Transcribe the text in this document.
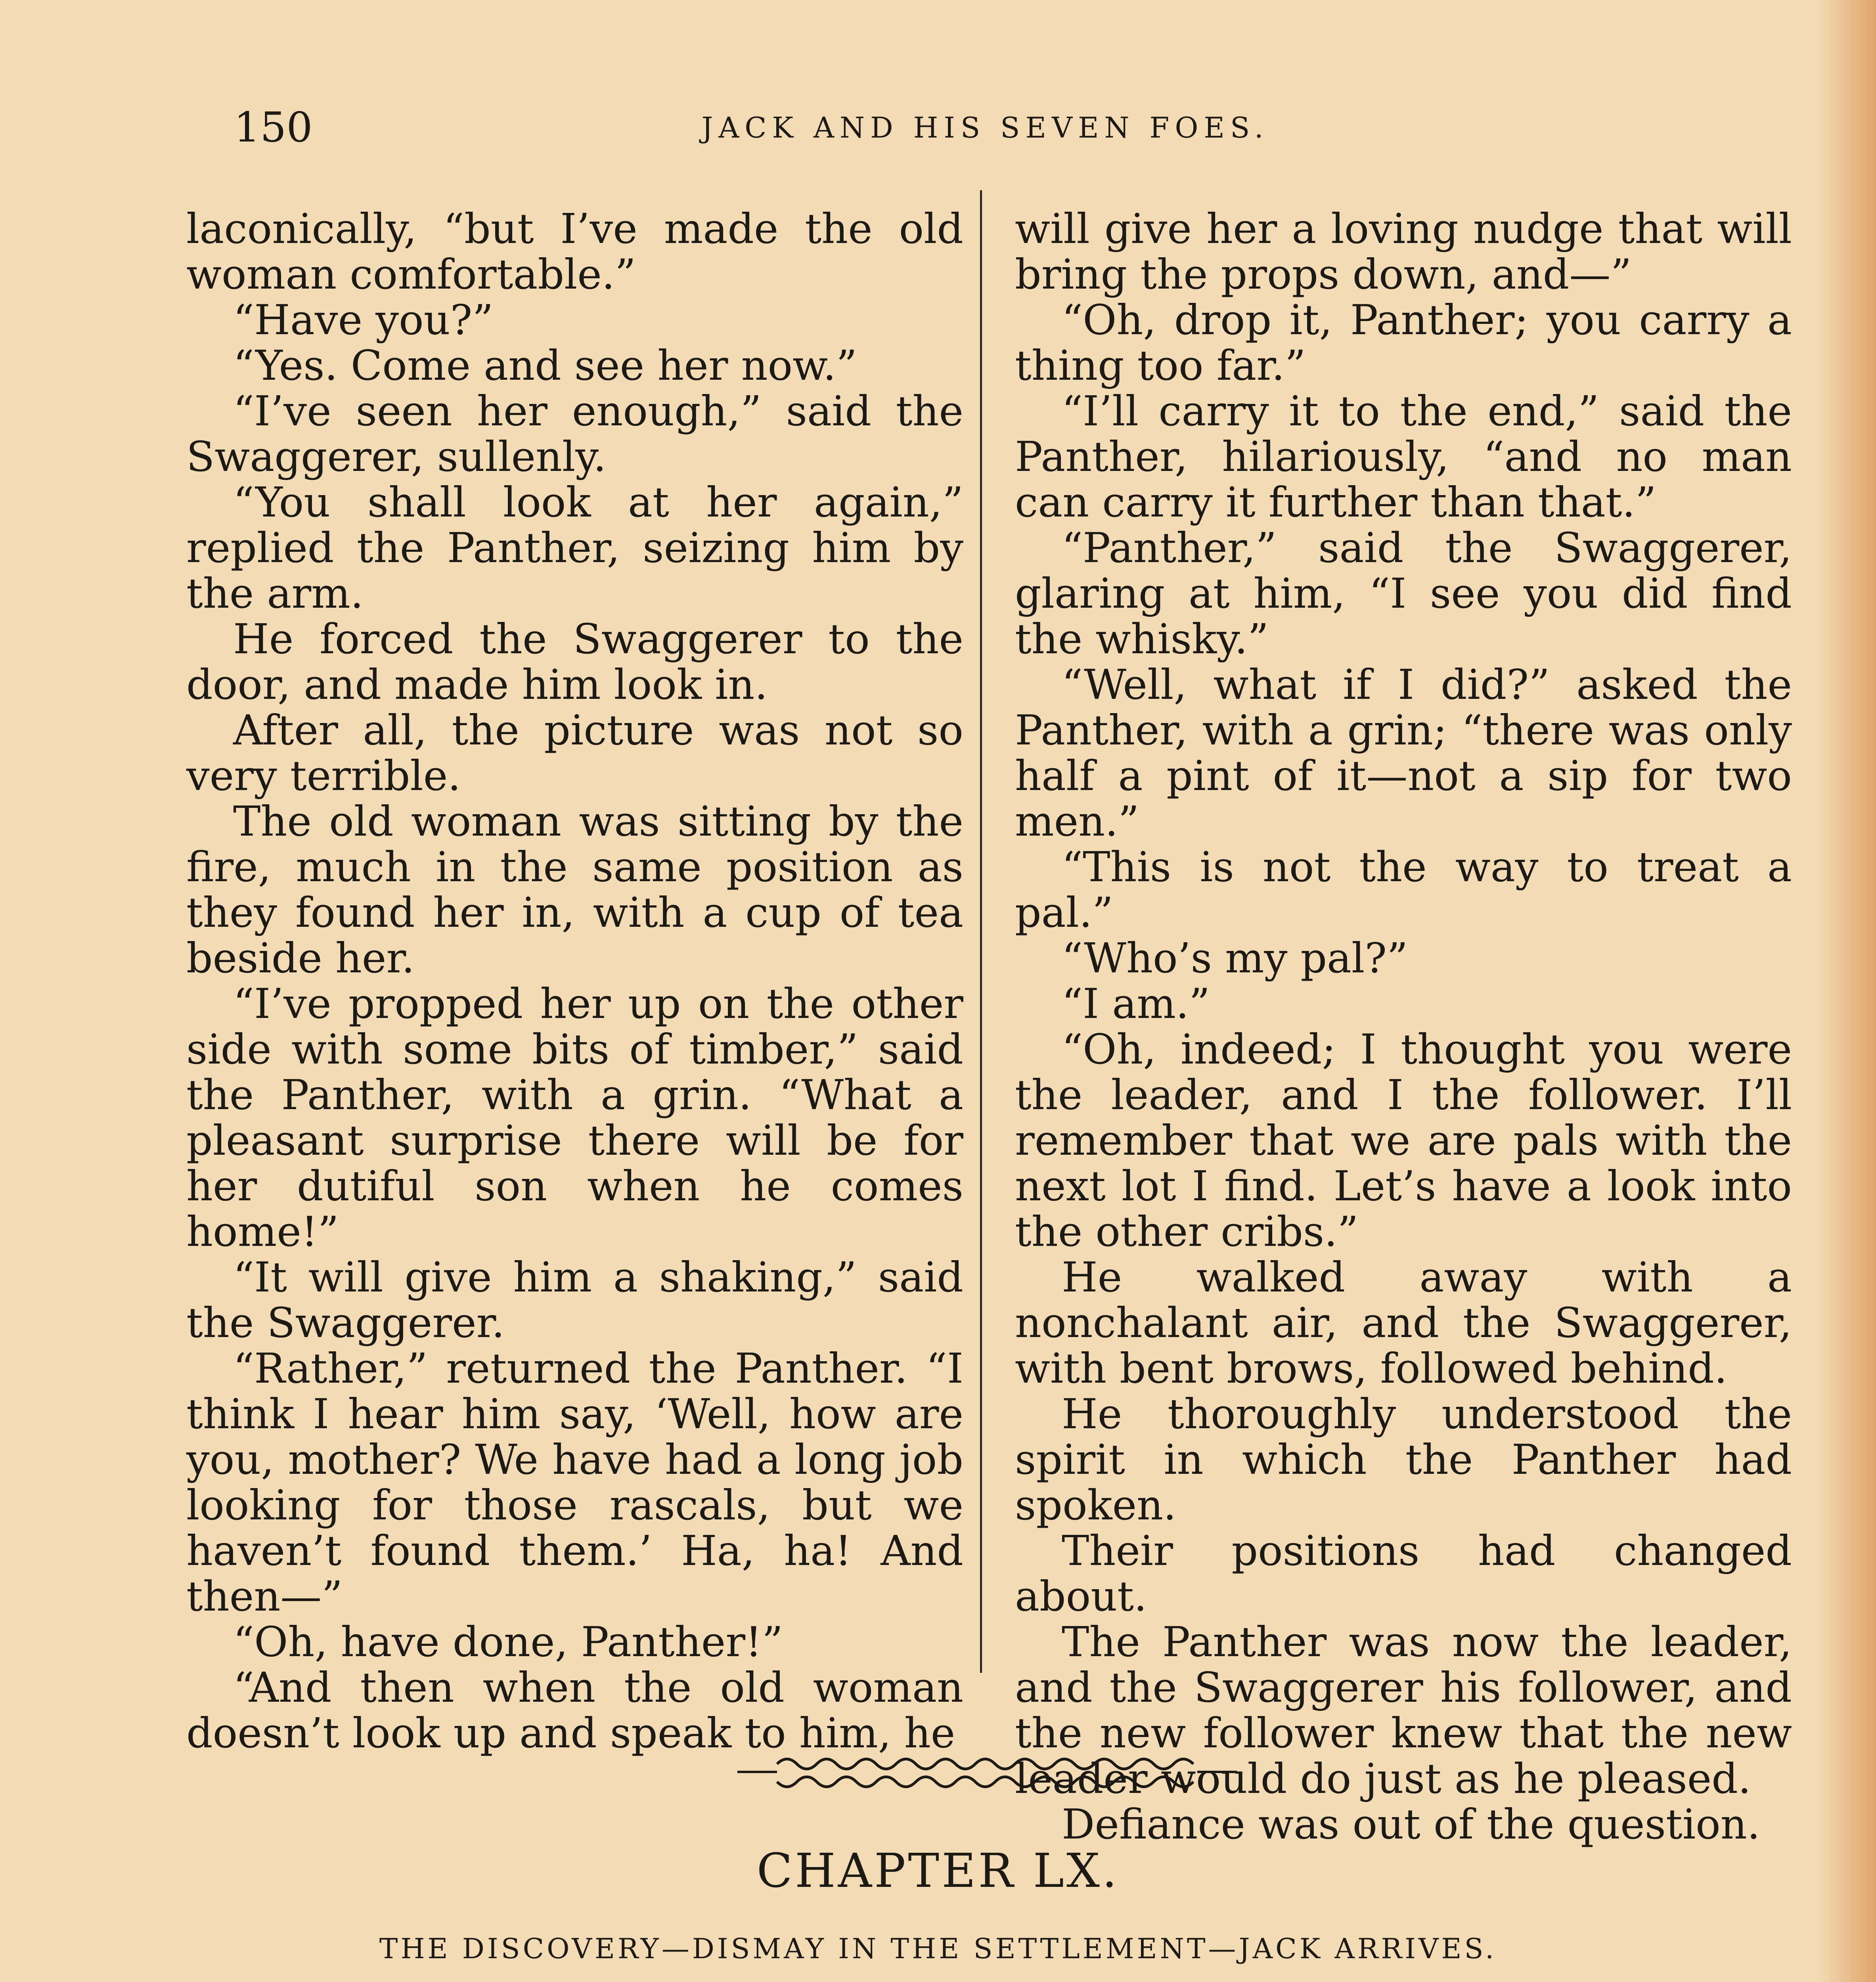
150	JACK AND HIS SEVEN FOES.

laconically, “but I’ve made the old woman comfortable.”

“Have you?”

“Yes. Come and see her now.”

“I’ve seen her enough,” said the Swaggerer, sullenly.

“You shall look at her again,” replied the Panther, seizing him by the arm.

He forced the Swaggerer to the door, and made him look in.

After all, the picture was not so very terrible.

The old woman was sitting by the fire, much in the same position as they found her in, with a cup of tea beside her.

“I’ve propped her up on the other side with some bits of timber,” said the Panther, with a grin. “What a pleasant surprise there will be for her dutiful son when he comes home!”

“It will give him a shaking,” said the Swaggerer.

“Rather,” returned the Panther. “I think I hear him say, ‘Well, how are you, mother? We have had a long job looking for those rascals, but we haven’t found them.’ Ha, ha! And then—”

“Oh, have done, Panther!”

“And then when the old woman doesn’t look up and speak to him, he

will give her a loving nudge that will bring the props down, and—”

“Oh, drop it, Panther; you carry a thing too far.”

“I’ll carry it to the end,” said the Panther, hilariously, “and no man can carry it further than that.”

“Panther,” said the Swaggerer, glaring at him, “I see you did find the whisky.”

“Well, what if I did?” asked the Panther, with a grin; “there was only half a pint of it—not a sip for two men.”

“This is not the way to treat a pal.”

“Who’s my pal?”

“I am.”

“Oh, indeed; I thought you were the leader, and I the follower. I’ll remember that we are pals with the next lot I find. Let’s have a look into the other cribs.”

He walked away with a nonchalant air, and the Swaggerer, with bent brows, followed behind.

He thoroughly understood the spirit in which the Panther had spoken.

Their positions had changed about.

The Panther was now the leader, and the Swaggerer his follower, and the new follower knew that the new leader would do just as he pleased.

Defiance was out of the question.

CHAPTER LX.
THE DISCOVERY—DISMAY IN THE SETTLEMENT—JACK ARRIVES.
